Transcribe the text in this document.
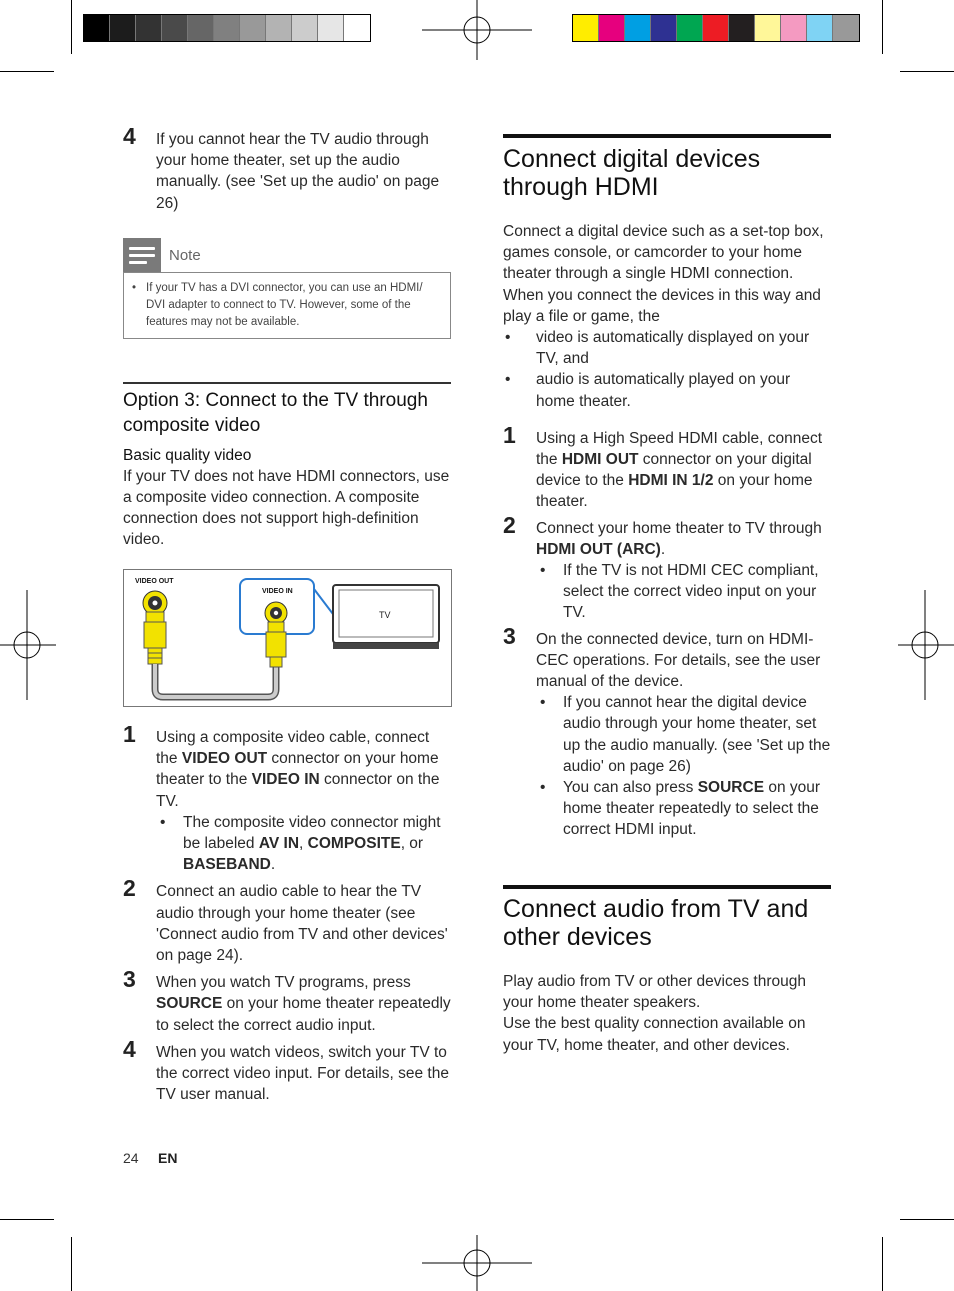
4 If you cannot hear the TV audio through your home theater, set up the audio manually. (see 'Set up the audio' on page 26)

Note
• If your TV has a DVI connector, you can use an HDMI/ DVI adapter to connect to TV. However, some of the features may not be available.
Option 3: Connect to the TV through composite video
Basic quality video
If your TV does not have HDMI connectors, use a composite video connection. A composite connection does not support high-definition video.
VIDEO OUT
VIDEO IN
TV

1 Using a composite video cable, connect the VIDEO OUT connector on your home theater to the VIDEO IN connector on the TV.

• The composite video connector might be labeled AV IN, COMPOSITE, or BASEBAND.

2 Connect an audio cable to hear the TV audio through your home theater (see 'Connect audio from TV and other devices' on page 24).

3 When you watch TV programs, press SOURCE on your home theater repeatedly to select the correct audio input.

4 When you watch videos, switch your TV to the correct video input. For details, see the TV user manual.

Connect digital devices through HDMI
Connect a digital device such as a set-top box, games console, or camcorder to your home theater through a single HDMI connection. When you connect the devices in this way and play a file or game, the

• video is automatically displayed on your TV, and

• audio is automatically played on your home theater.

1 Using a High Speed HDMI cable, connect the HDMI OUT connector on your digital device to the HDMI IN 1/2 on your home theater.

2 Connect your home theater to TV through HDMI OUT (ARC).

• If the TV is not HDMI CEC compliant, select the correct video input on your TV.

3 On the connected device, turn on HDMI-CEC operations. For details, see the user manual of the device.

• If you cannot hear the digital device audio through your home theater, set up the audio manually. (see 'Set up the audio' on page 26)

• You can also press SOURCE on your home theater repeatedly to select the correct HDMI input.

Connect audio from TV and other devices
Play audio from TV or other devices through your home theater speakers.
Use the best quality connection available on your TV, home theater, and other devices.
24 EN
